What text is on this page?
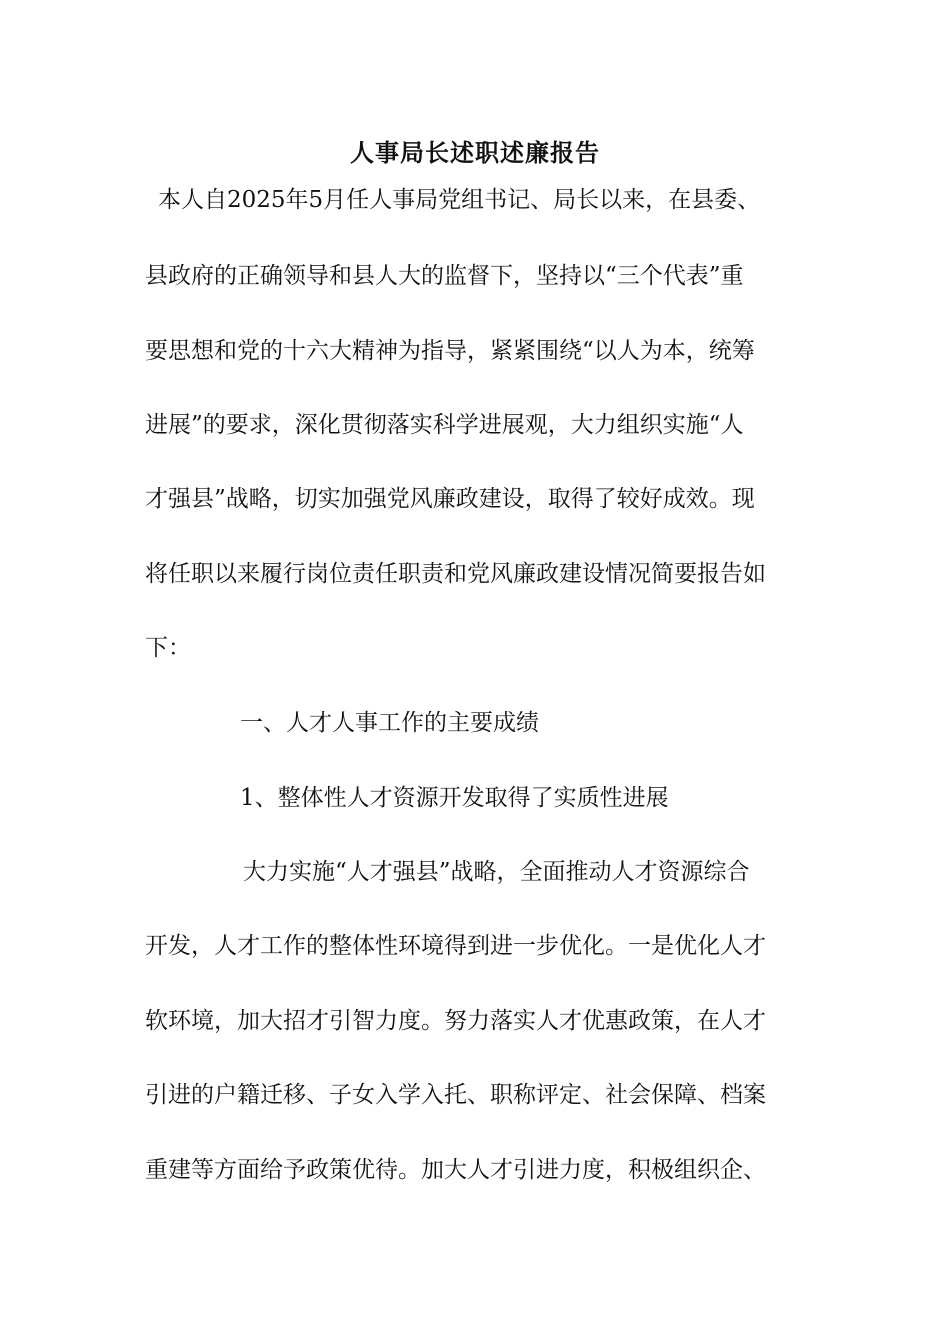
人事局长述职述廉报告
本人自2025年5月任人事局党组书记、局长以来，在县委、
县政府的正确领导和县人大的监督下，坚持以“三个代表”重
要思想和党的十六大精神为指导，紧紧围绕“以人为本，统筹
进展”的要求，深化贯彻落实科学进展观，大力组织实施“人
才强县”战略，切实加强党风廉政建设，取得了较好成效。现
将任职以来履行岗位责任职责和党风廉政建设情况简要报告如
下：
一、人才人事工作的主要成绩
1、整体性人才资源开发取得了实质性进展
大力实施“人才强县”战略，全面推动人才资源综合
开发，人才工作的整体性环境得到进一步优化。一是优化人才
软环境，加大招才引智力度。努力落实人才优惠政策，在人才
引进的户籍迁移、子女入学入托、职称评定、社会保障、档案
重建等方面给予政策优待。加大人才引进力度，积极组织企、
